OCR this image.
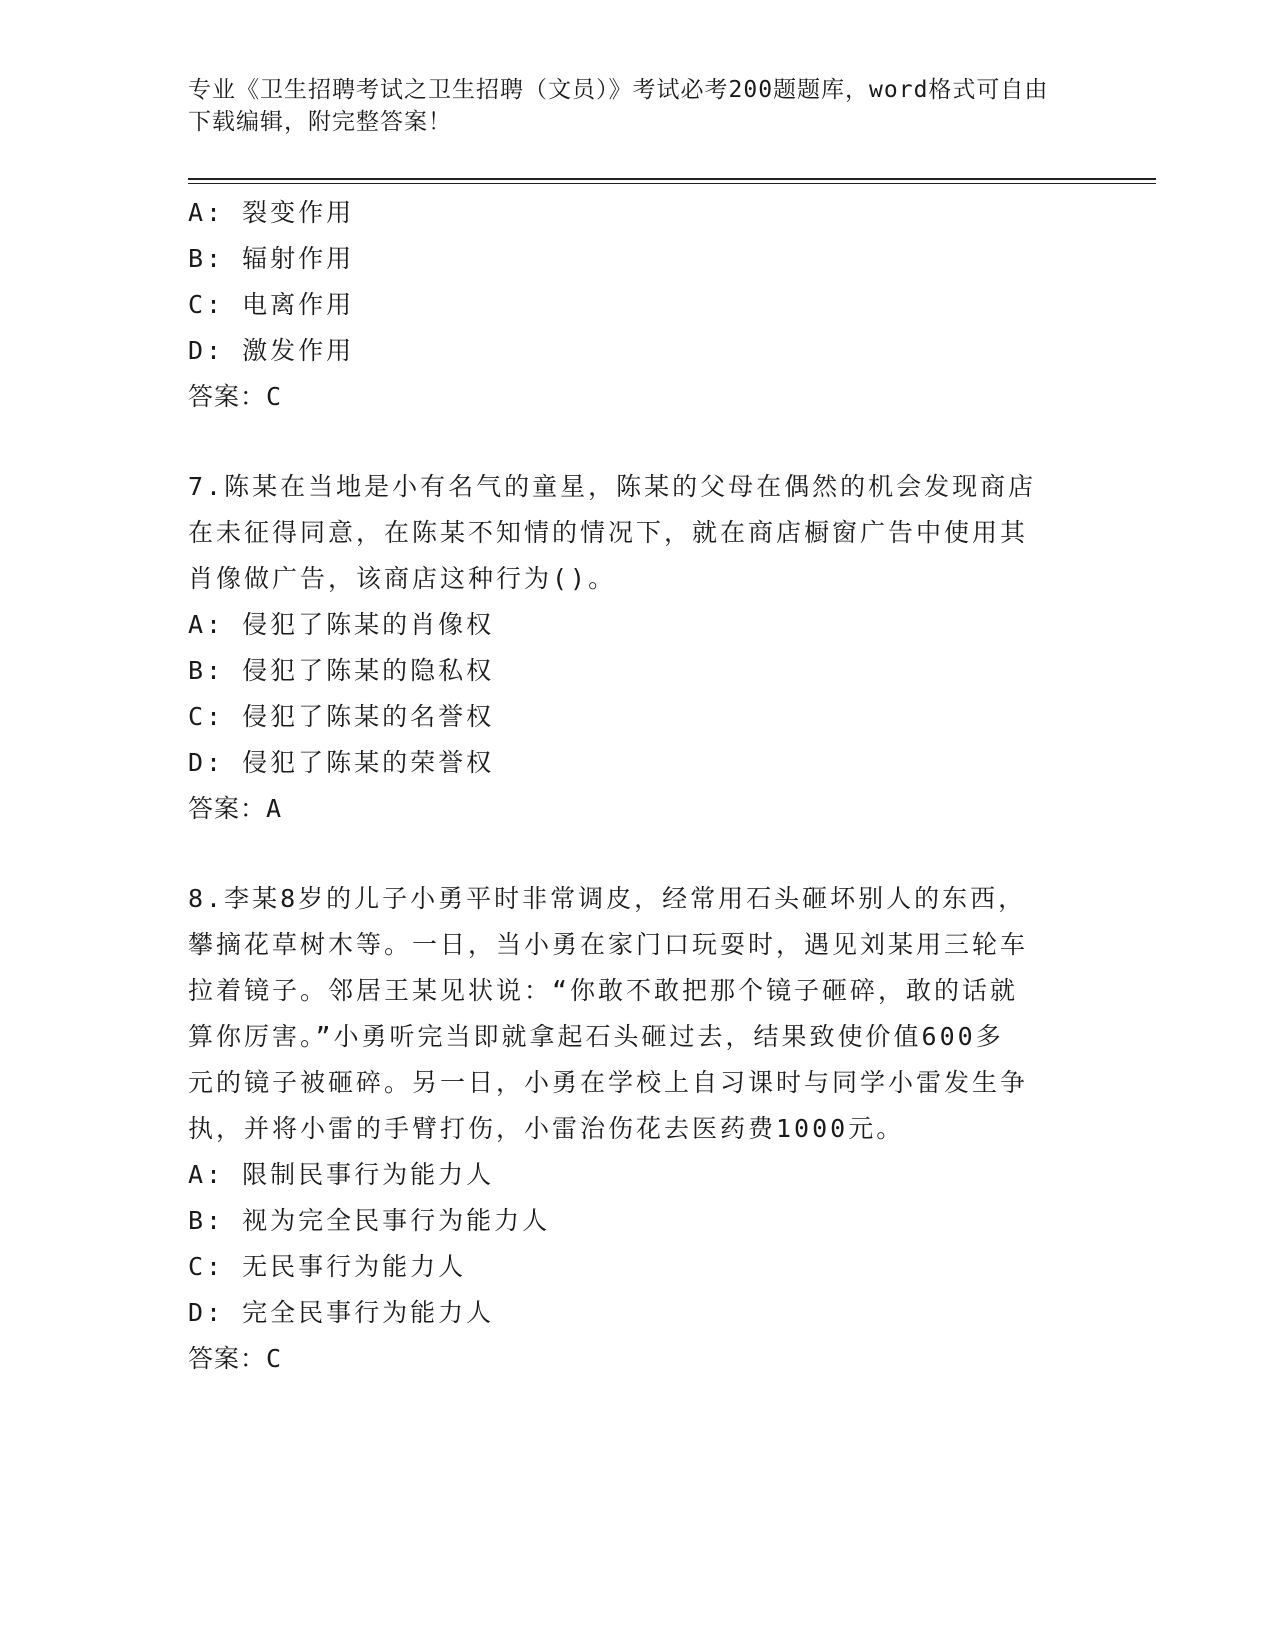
专业《卫生招聘考试之卫生招聘（文员）》考试必考200题题库，word格式可自由下载编辑，附完整答案！
A: 裂变作用
B: 辐射作用
C: 电离作用
D: 激发作用
答案：C
7.陈某在当地是小有名气的童星，陈某的父母在偶然的机会发现商店
在未征得同意，在陈某不知情的情况下，就在商店橱窗广告中使用其
肖像做广告，该商店这种行为()。
A: 侵犯了陈某的肖像权
B: 侵犯了陈某的隐私权
C: 侵犯了陈某的名誉权
D: 侵犯了陈某的荣誉权
答案：A
8.李某8岁的儿子小勇平时非常调皮，经常用石头砸坏别人的东西，
攀摘花草树木等。一日，当小勇在家门口玩耍时，遇见刘某用三轮车
拉着镜子。邻居王某见状说：“你敢不敢把那个镜子砸碎，敢的话就
算你厉害。”小勇听完当即就拿起石头砸过去，结果致使价值600多
元的镜子被砸碎。另一日，小勇在学校上自习课时与同学小雷发生争
执，并将小雷的手臂打伤，小雷治伤花去医药费1000元。
A: 限制民事行为能力人
B: 视为完全民事行为能力人
C: 无民事行为能力人
D: 完全民事行为能力人
答案：C
